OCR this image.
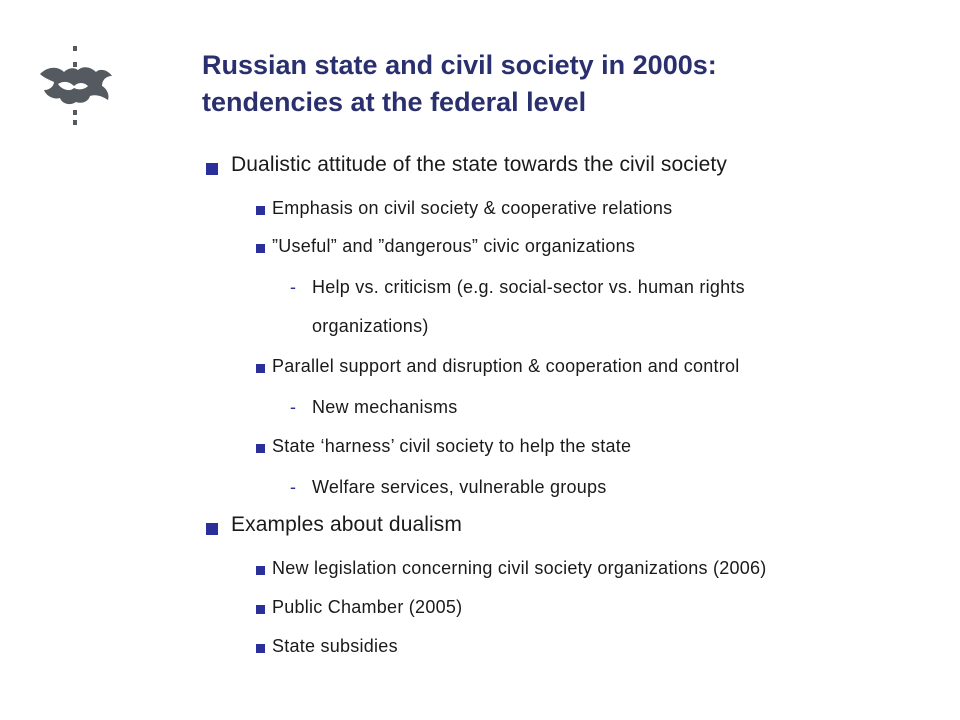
Russian state and civil society in 2000s:
tendencies at the federal level
Dualistic attitude of the state towards the civil society
Emphasis on civil society & cooperative relations
”Useful” and ”dangerous” civic organizations
- Help vs. criticism (e.g. social-sector vs. human rights
organizations)
Parallel support and disruption & cooperation and control
- New mechanisms
State ‘harness’ civil society to help the state
- Welfare services, vulnerable groups
Examples about dualism
New legislation concerning civil society organizations (2006)
Public Chamber (2005)
State subsidies
